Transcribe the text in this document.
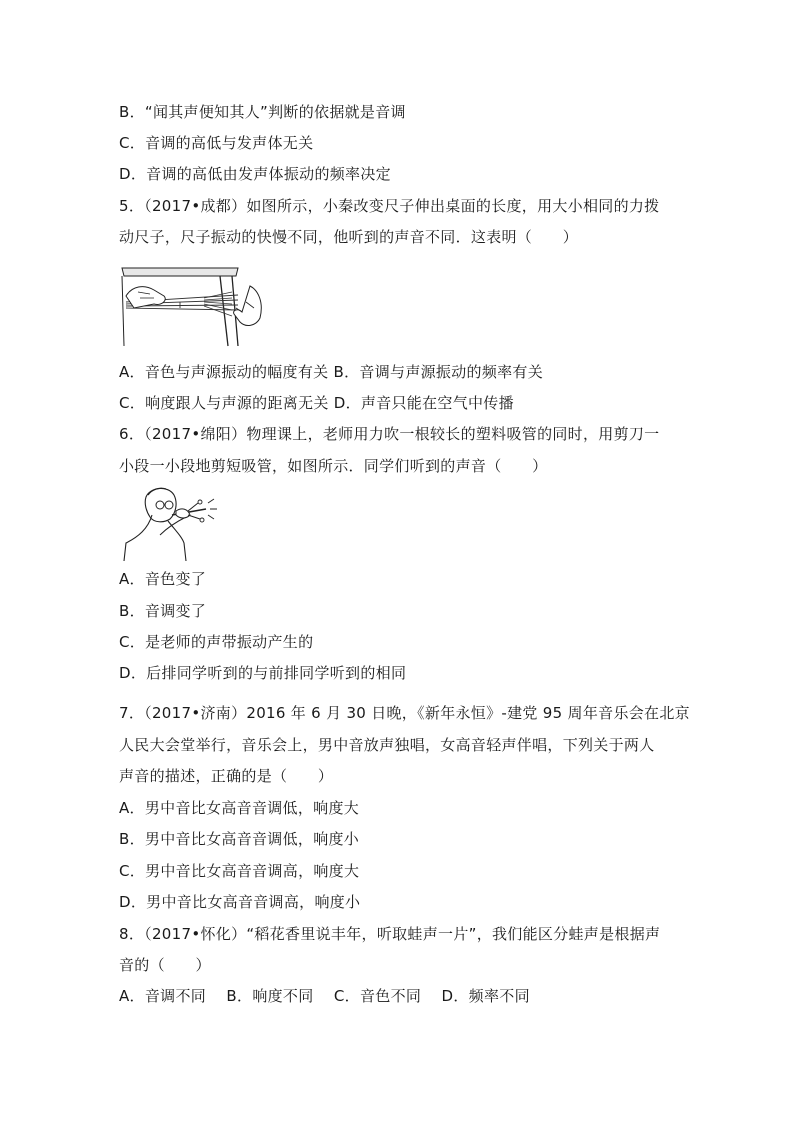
B．“闻其声便知其人”判断的依据就是音调
C．音调的高低与发声体无关
D．音调的高低由发声体振动的频率决定
5．（2017•成都）如图所示，小秦改变尺子伸出桌面的长度，用大小相同的力拨
动尺子，尺子振动的快慢不同，他听到的声音不同．这表明（　　）
A．音色与声源振动的幅度有关 B．音调与声源振动的频率有关
C．响度跟人与声源的距离无关 D．声音只能在空气中传播
6．（2017•绵阳）物理课上，老师用力吹一根较长的塑料吸管的同时，用剪刀一
小段一小段地剪短吸管，如图所示．同学们听到的声音（　　）
A．音色变了
B．音调变了
C．是老师的声带振动产生的
D．后排同学听到的与前排同学听到的相同
7．（2017•济南）2016 年 6 月 30 日晚，《新年永恒》-建党 95 周年音乐会在北京
人民大会堂举行，音乐会上，男中音放声独唱，女高音轻声伴唱，下列关于两人
声音的描述，正确的是（　　）
A．男中音比女高音音调低，响度大
B．男中音比女高音音调低，响度小
C．男中音比女高音音调高，响度大
D．男中音比女高音音调高，响度小
8．（2017•怀化）“稻花香里说丰年，听取蛙声一片”，我们能区分蛙声是根据声
音的（　　）
A．音调不同　 B．响度不同　 C．音色不同　 D．频率不同
